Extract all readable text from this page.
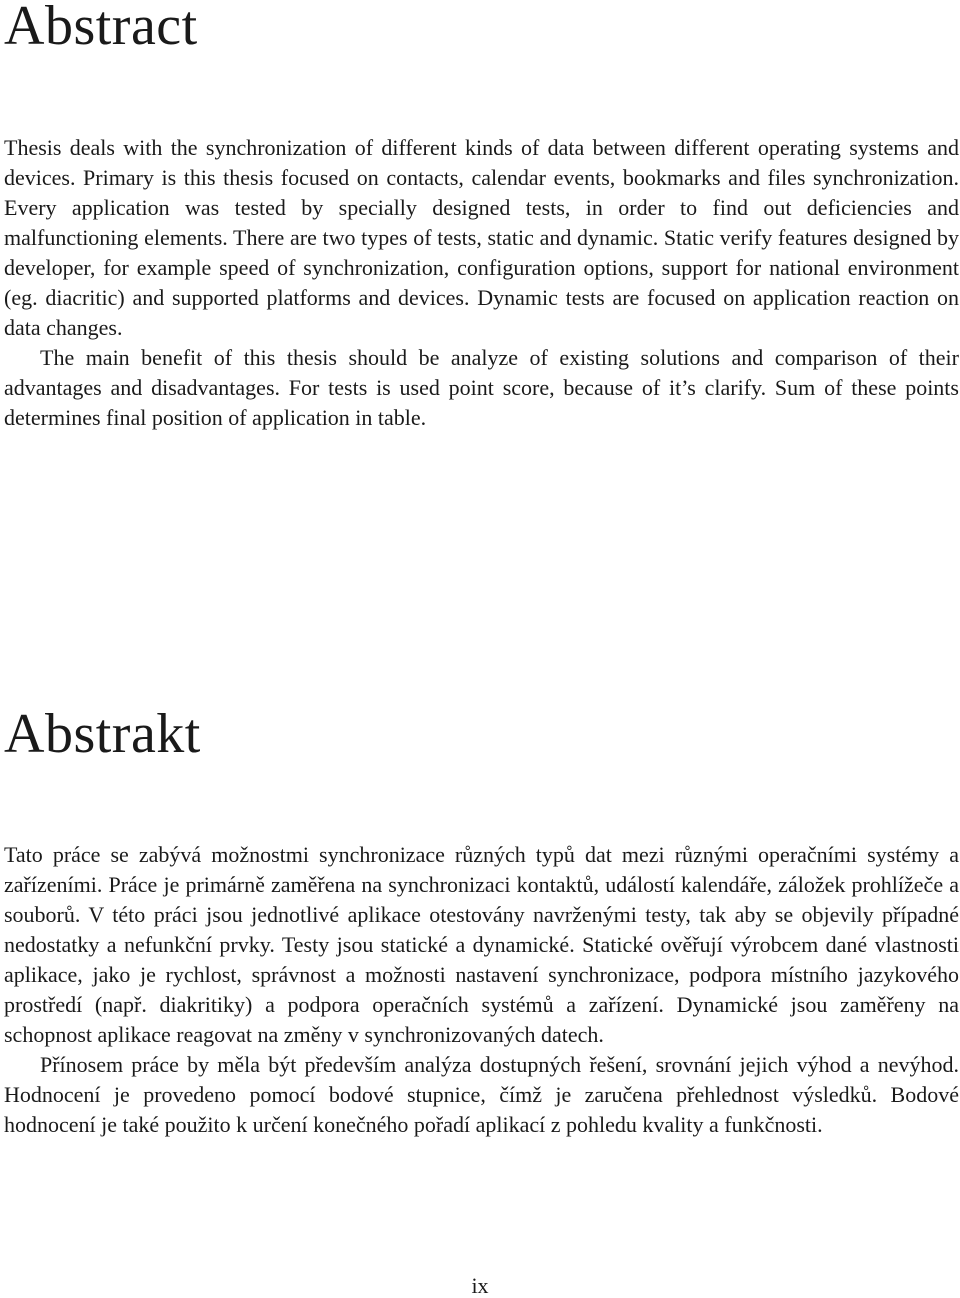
Abstract

Thesis deals with the synchronization of different kinds of data between different operating systems and devices. Primary is this thesis focused on contacts, calendar events, bookmarks and files synchronization. Every application was tested by specially designed tests, in order to find out deficiencies and malfunctioning elements. There are two types of tests, static and dynamic. Static verify features designed by developer, for example speed of synchronization, configuration options, support for national environment (eg. diacritic) and supported platforms and devices. Dynamic tests are focused on application reaction on data changes.

The main benefit of this thesis should be analyze of existing solutions and comparison of their advantages and disadvantages. For tests is used point score, because of it’s clarify. Sum of these points determines final position of application in table.

Abstrakt

Tato práce se zabývá možnostmi synchronizace různých typů dat mezi různými operačními systémy a zařízeními. Práce je primárně zaměřena na synchronizaci kontaktů, událostí kalendáře, záložek prohlížeče a souborů. V této práci jsou jednotlivé aplikace otestovány navrženými testy, tak aby se objevily případné nedostatky a nefunkční prvky. Testy jsou statické a dynamické. Statické ověřují výrobcem dané vlastnosti aplikace, jako je rychlost, správnost a možnosti nastavení synchronizace, podpora místního jazykového prostředí (např. diakritiky) a podpora operačních systémů a zařízení. Dynamické jsou zaměřeny na schopnost aplikace reagovat na změny v synchronizovaných datech.

Přínosem práce by měla být především analýza dostupných řešení, srovnání jejich výhod a nevýhod. Hodnocení je provedeno pomocí bodové stupnice, čímž je zaručena přehlednost výsledků. Bodové hodnocení je také použito k určení konečného pořadí aplikací z pohledu kvality a funkčnosti.

ix
